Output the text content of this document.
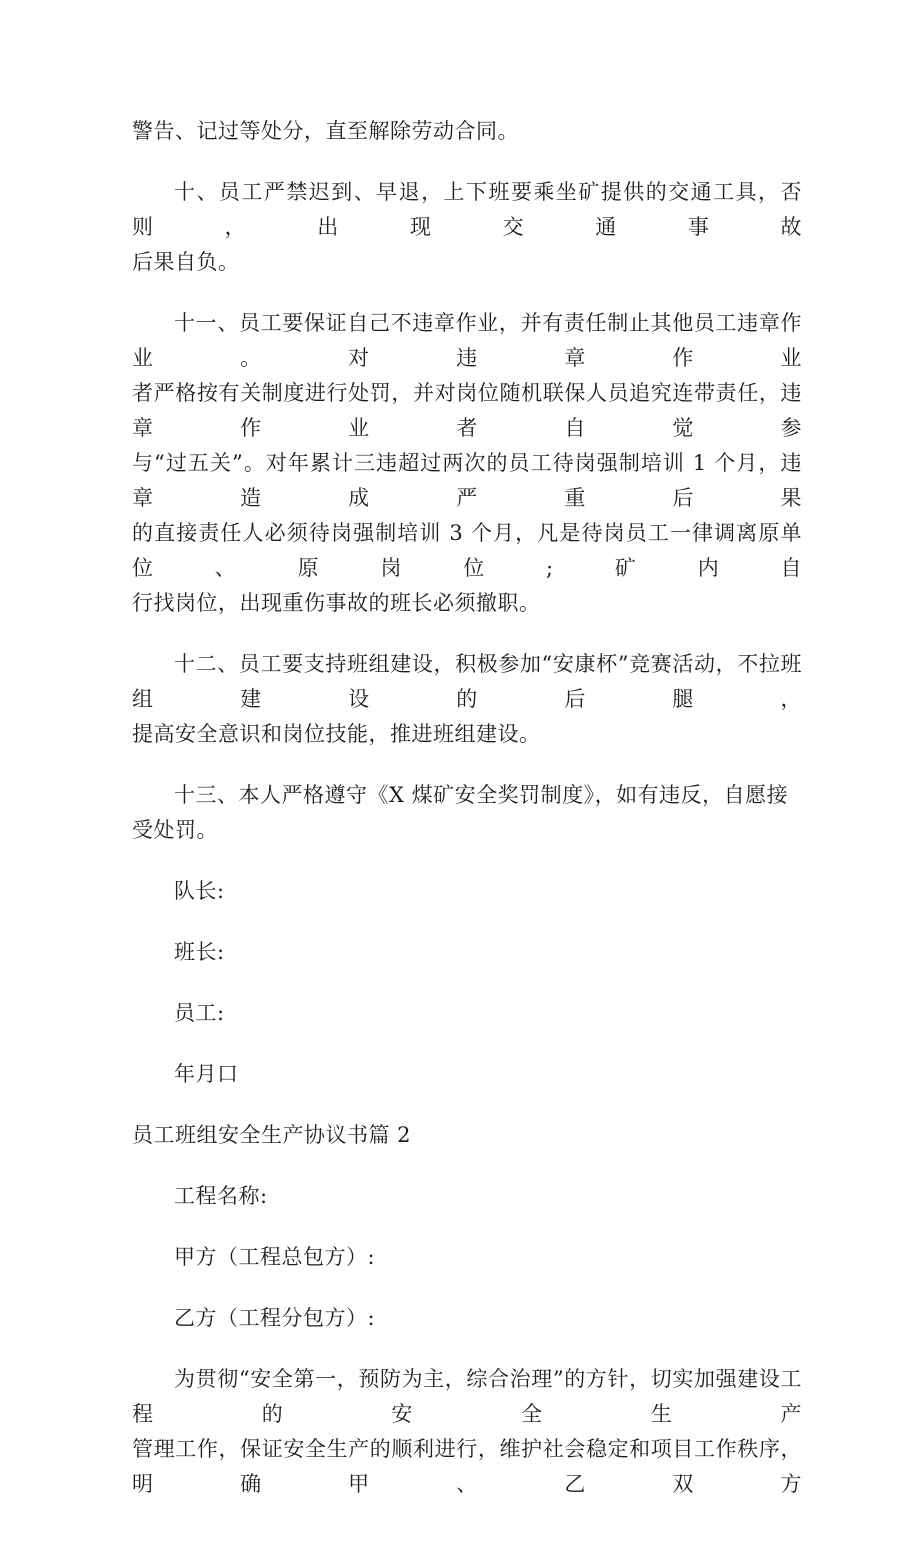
警告、记过等处分，直至解除劳动合同。
十、员工严禁迟到、早退，上下班要乘坐矿提供的交通工具，否则，出现交通事故
后果自负。
十一、员工要保证自己不违章作业，并有责任制止其他员工违章作业。对违章作业
者严格按有关制度进行处罚，并对岗位随机联保人员追究连带责任，违章作业者自觉参
与“过五关”。对年累计三违超过两次的员工待岗强制培训 1 个月，违章造成严重后果
的直接责任人必须待岗强制培训 3 个月，凡是待岗员工一律调离原单位、原岗位;矿内自
行找岗位，出现重伤事故的班长必须撤职。
十二、员工要支持班组建设，积极参加“安康杯”竞赛活动，不拉班组建设的后腿，
提高安全意识和岗位技能，推进班组建设。
十三、本人严格遵守《X 煤矿安全奖罚制度》，如有违反，自愿接受处罚。
队长:
班长:
员工:
年月口
员工班组安全生产协议书篇 2
工程名称:
甲方（工程总包方）:
乙方（工程分包方）:
为贯彻“安全第一，预防为主，综合治理”的方针，切实加强建设工程的安全生产
管理工作，保证安全生产的顺利进行，维护社会稳定和项目工作秩序，明确甲、乙双方
